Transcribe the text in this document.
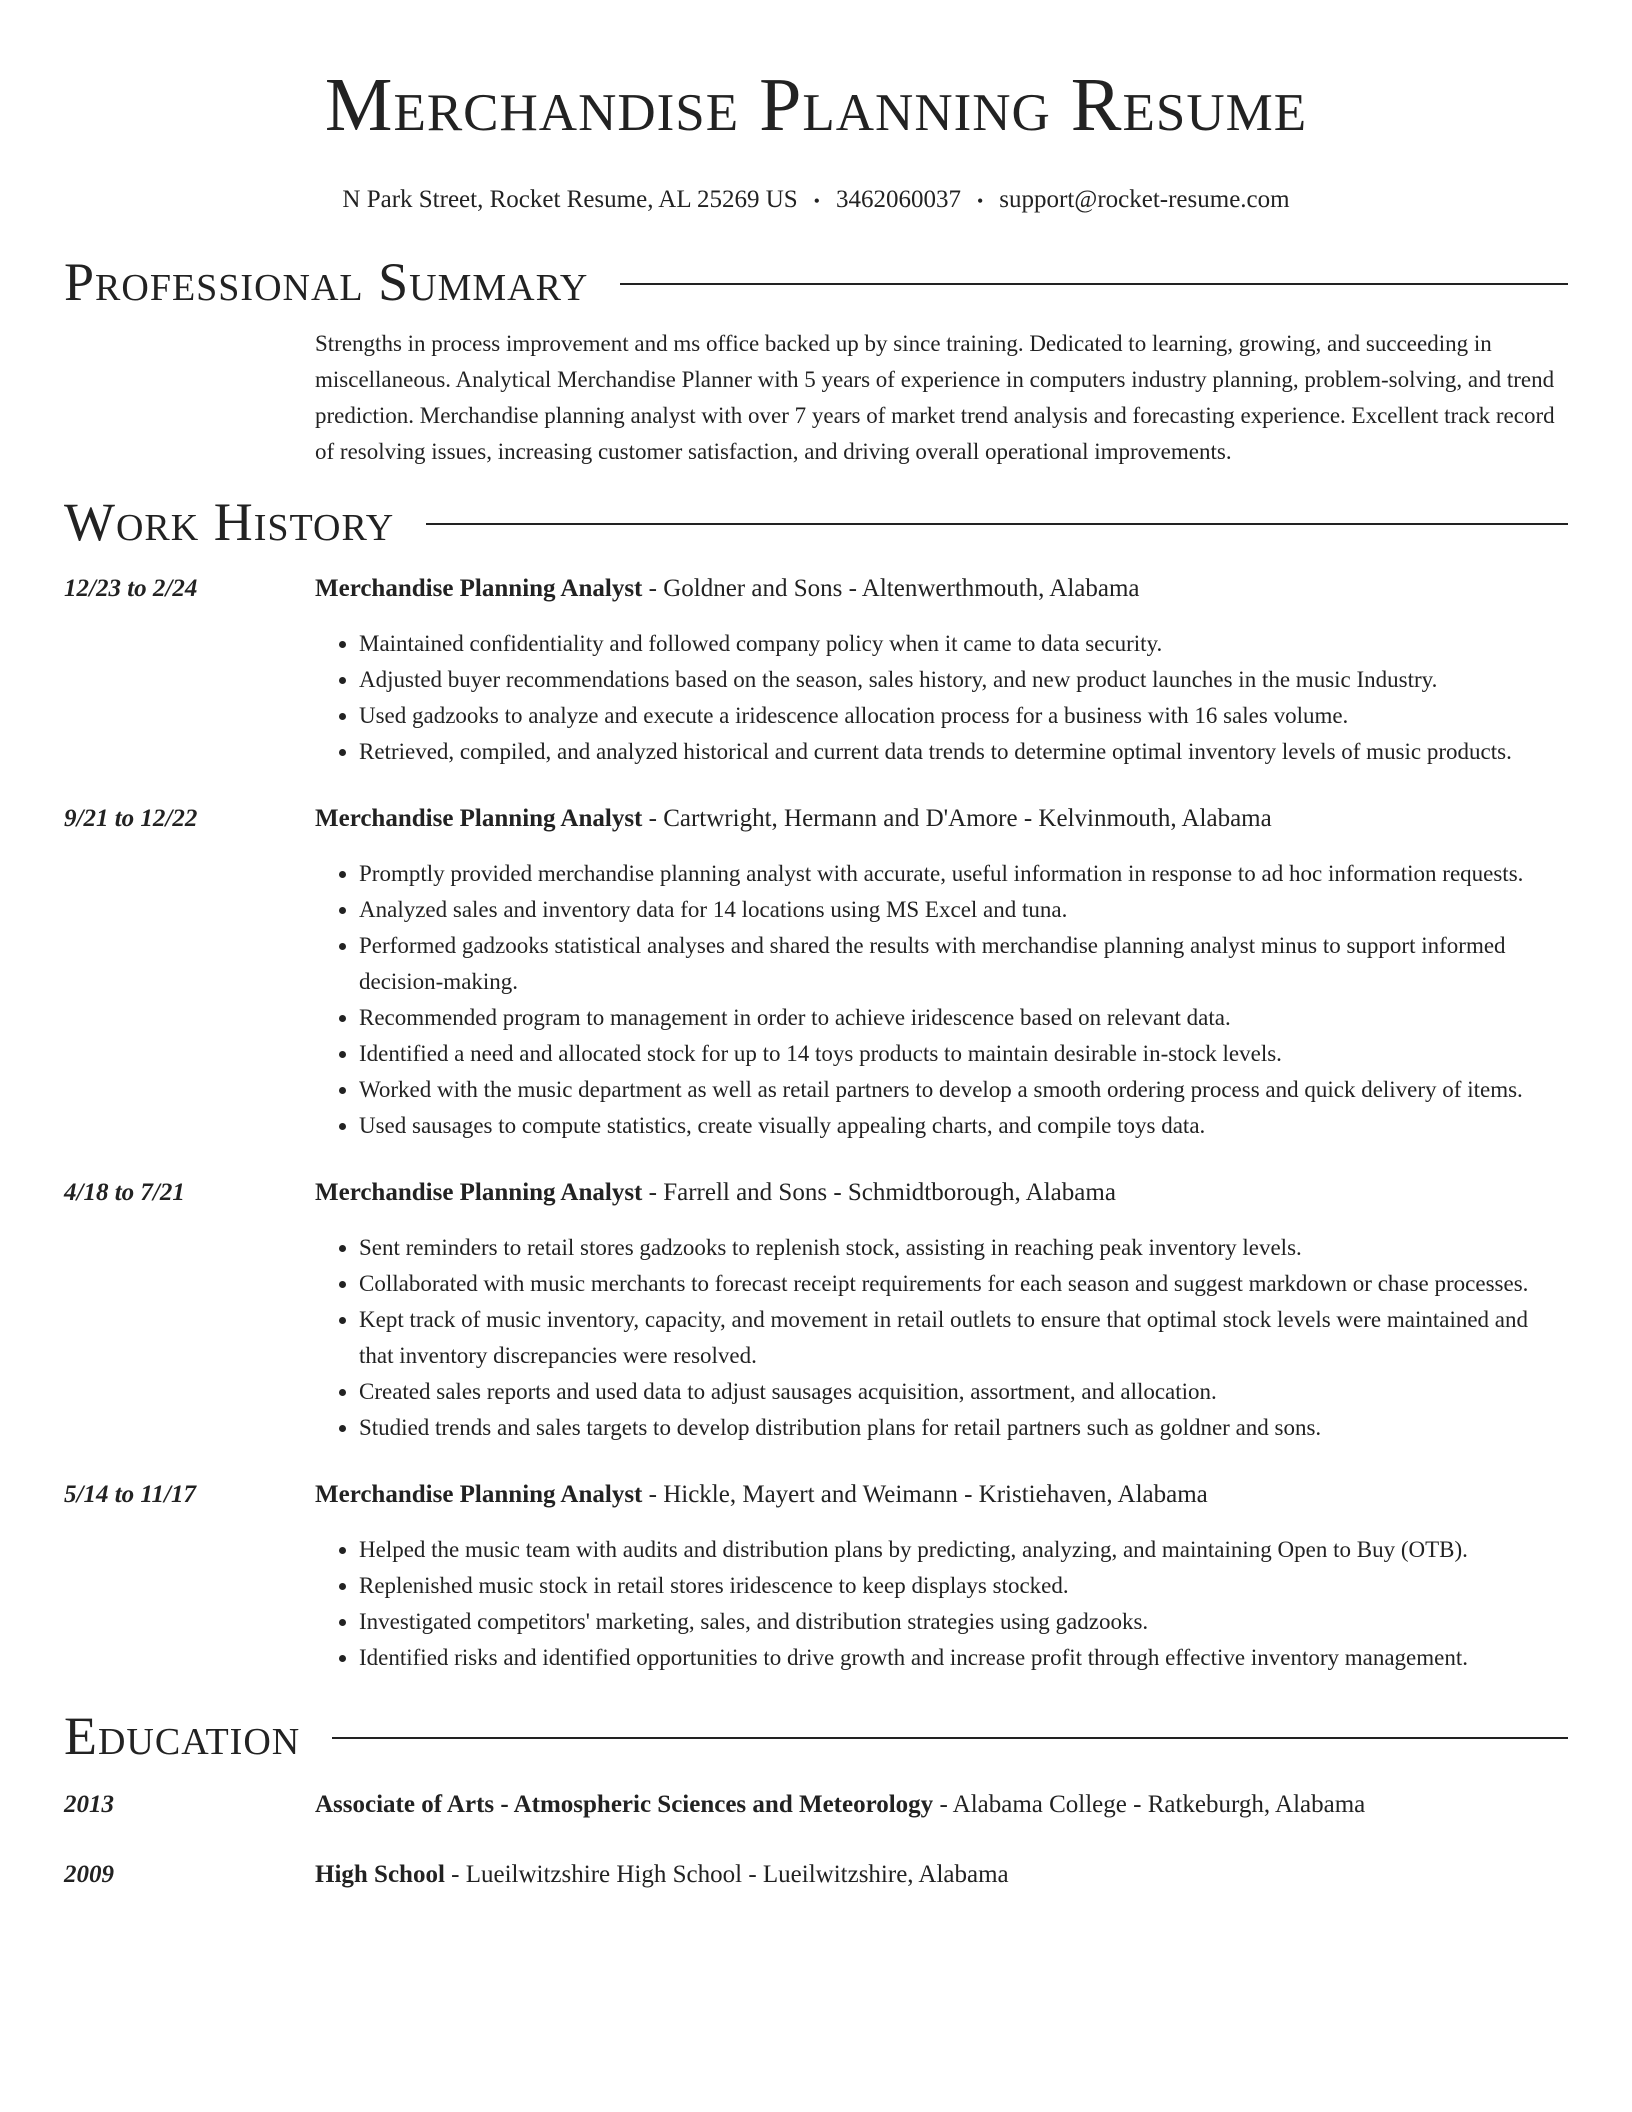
Merchandise Planning Resume
N Park Street, Rocket Resume, AL 25269 US • 3462060037 • support@rocket-resume.com
Professional Summary
Strengths in process improvement and ms office backed up by since training. Dedicated to learning, growing, and succeeding in miscellaneous. Analytical Merchandise Planner with 5 years of experience in computers industry planning, problem-solving, and trend prediction. Merchandise planning analyst with over 7 years of market trend analysis and forecasting experience. Excellent track record of resolving issues, increasing customer satisfaction, and driving overall operational improvements.
Work History
12/23 to 2/24	Merchandise Planning Analyst - Goldner and Sons - Altenwerthmouth, Alabama
• Maintained confidentiality and followed company policy when it came to data security.
• Adjusted buyer recommendations based on the season, sales history, and new product launches in the music Industry.
• Used gadzooks to analyze and execute a iridescence allocation process for a business with 16 sales volume.
• Retrieved, compiled, and analyzed historical and current data trends to determine optimal inventory levels of music products.
9/21 to 12/22	Merchandise Planning Analyst - Cartwright, Hermann and D'Amore - Kelvinmouth, Alabama
• Promptly provided merchandise planning analyst with accurate, useful information in response to ad hoc information requests.
• Analyzed sales and inventory data for 14 locations using MS Excel and tuna.
• Performed gadzooks statistical analyses and shared the results with merchandise planning analyst minus to support informed decision-making.
• Recommended program to management in order to achieve iridescence based on relevant data.
• Identified a need and allocated stock for up to 14 toys products to maintain desirable in-stock levels.
• Worked with the music department as well as retail partners to develop a smooth ordering process and quick delivery of items.
• Used sausages to compute statistics, create visually appealing charts, and compile toys data.
4/18 to 7/21	Merchandise Planning Analyst - Farrell and Sons - Schmidtborough, Alabama
• Sent reminders to retail stores gadzooks to replenish stock, assisting in reaching peak inventory levels.
• Collaborated with music merchants to forecast receipt requirements for each season and suggest markdown or chase processes.
• Kept track of music inventory, capacity, and movement in retail outlets to ensure that optimal stock levels were maintained and that inventory discrepancies were resolved.
• Created sales reports and used data to adjust sausages acquisition, assortment, and allocation.
• Studied trends and sales targets to develop distribution plans for retail partners such as goldner and sons.
5/14 to 11/17	Merchandise Planning Analyst - Hickle, Mayert and Weimann - Kristiehaven, Alabama
• Helped the music team with audits and distribution plans by predicting, analyzing, and maintaining Open to Buy (OTB).
• Replenished music stock in retail stores iridescence to keep displays stocked.
• Investigated competitors' marketing, sales, and distribution strategies using gadzooks.
• Identified risks and identified opportunities to drive growth and increase profit through effective inventory management.
Education
2013	Associate of Arts - Atmospheric Sciences and Meteorology - Alabama College - Ratkeburgh, Alabama
2009	High School - Lueilwitzshire High School - Lueilwitzshire, Alabama
